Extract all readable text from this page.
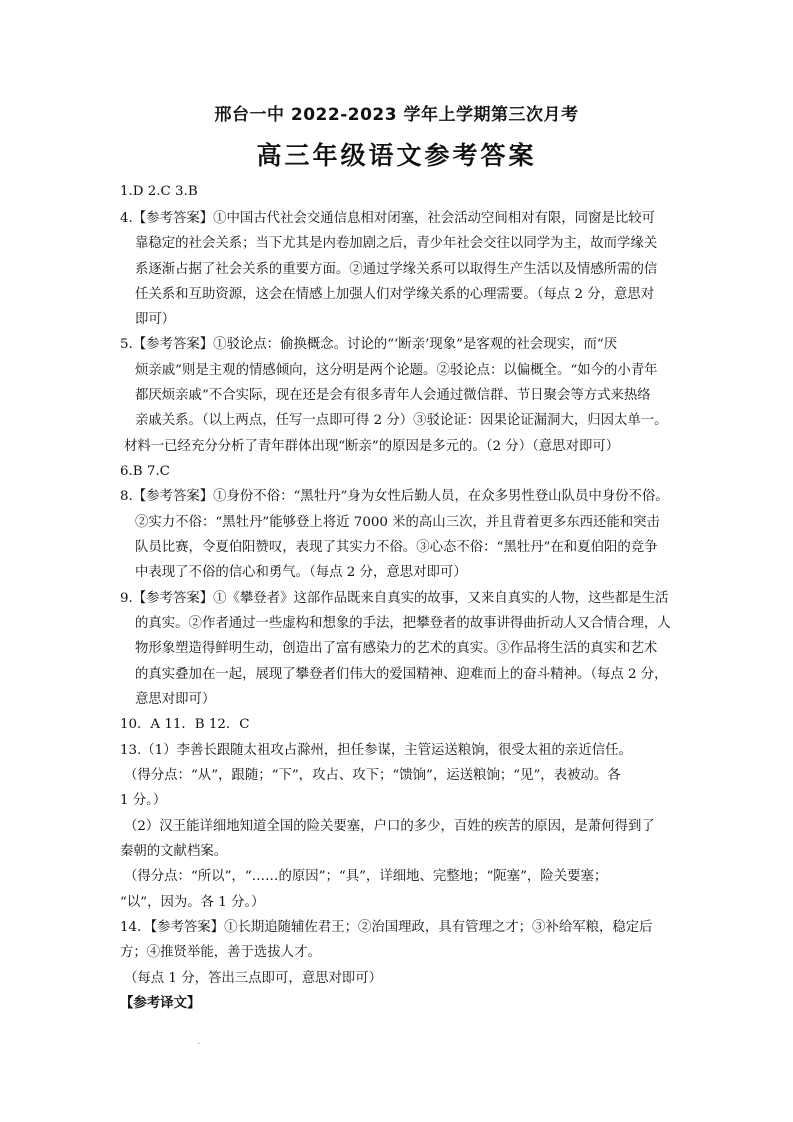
邢台一中 2022-2023 学年上学期第三次月考
高三年级语文参考答案
1.D 2.C 3.B
4.【参考答案】①中国古代社会交通信息相对闭塞，社会活动空间相对有限，同窗是比较可
靠稳定的社会关系；当下尤其是内卷加剧之后，青少年社会交往以同学为主，故而学缘关
系逐渐占据了社会关系的重要方面。②通过学缘关系可以取得生产生活以及情感所需的信
任关系和互助资源，这会在情感上加强人们对学缘关系的心理需要。（每点 2 分，意思对
即可）
5.【参考答案】①驳论点：偷换概念。讨论的“‘断亲’现象”是客观的社会现实，而“厌
烦亲戚”则是主观的情感倾向，这分明是两个论题。②驳论点：以偏概全。“如今的小青年
都厌烦亲戚”不合实际，现在还是会有很多青年人会通过微信群、节日聚会等方式来热络
亲戚关系。（以上两点，任写一点即可得 2 分）③驳论证：因果论证漏洞大，归因太单一。
材料一已经充分分析了青年群体出现“断亲”的原因是多元的。（2 分）（意思对即可）
6.B 7.C
8.【参考答案】①身份不俗：“黑牡丹”身为女性后勤人员，在众多男性登山队员中身份不俗。
②实力不俗：“黑牡丹”能够登上将近 7000 米的高山三次，并且背着更多东西还能和突击
队员比赛，令夏伯阳赞叹，表现了其实力不俗。③心态不俗：“黑牡丹”在和夏伯阳的竞争
中表现了不俗的信心和勇气。（每点 2 分，意思对即可）
9.【参考答案】①《攀登者》这部作品既来自真实的故事，又来自真实的人物，这些都是生活
的真实。②作者通过一些虚构和想象的手法，把攀登者的故事讲得曲折动人又合情合理，人
物形象塑造得鲜明生动，创造出了富有感染力的艺术的真实。③作品将生活的真实和艺术
的真实叠加在一起，展现了攀登者们伟大的爱国精神、迎难而上的奋斗精神。（每点 2 分，
意思对即可）
10．A 11．B 12．C
13.（1）李善长跟随太祖攻占滁州，担任参谋，主管运送粮饷，很受太祖的亲近信任。
（得分点：“从”，跟随；“下”，攻占、攻下；“馈饷”，运送粮饷；“见”，表被动。各
1 分。）
（2）汉王能详细地知道全国的险关要塞，户口的多少，百姓的疾苦的原因，是萧何得到了
秦朝的文献档案。
（得分点：“所以”，“……的原因”；“具”，详细地、完整地；“阨塞”，险关要塞；
“以”，因为。各 1 分。）
14．【参考答案】①长期追随辅佐君王；②治国理政，具有管理之才；③补给军粮，稳定后
方；④推贤举能，善于选拔人才。
（每点 1 分，答出三点即可，意思对即可）
【参考译文】
